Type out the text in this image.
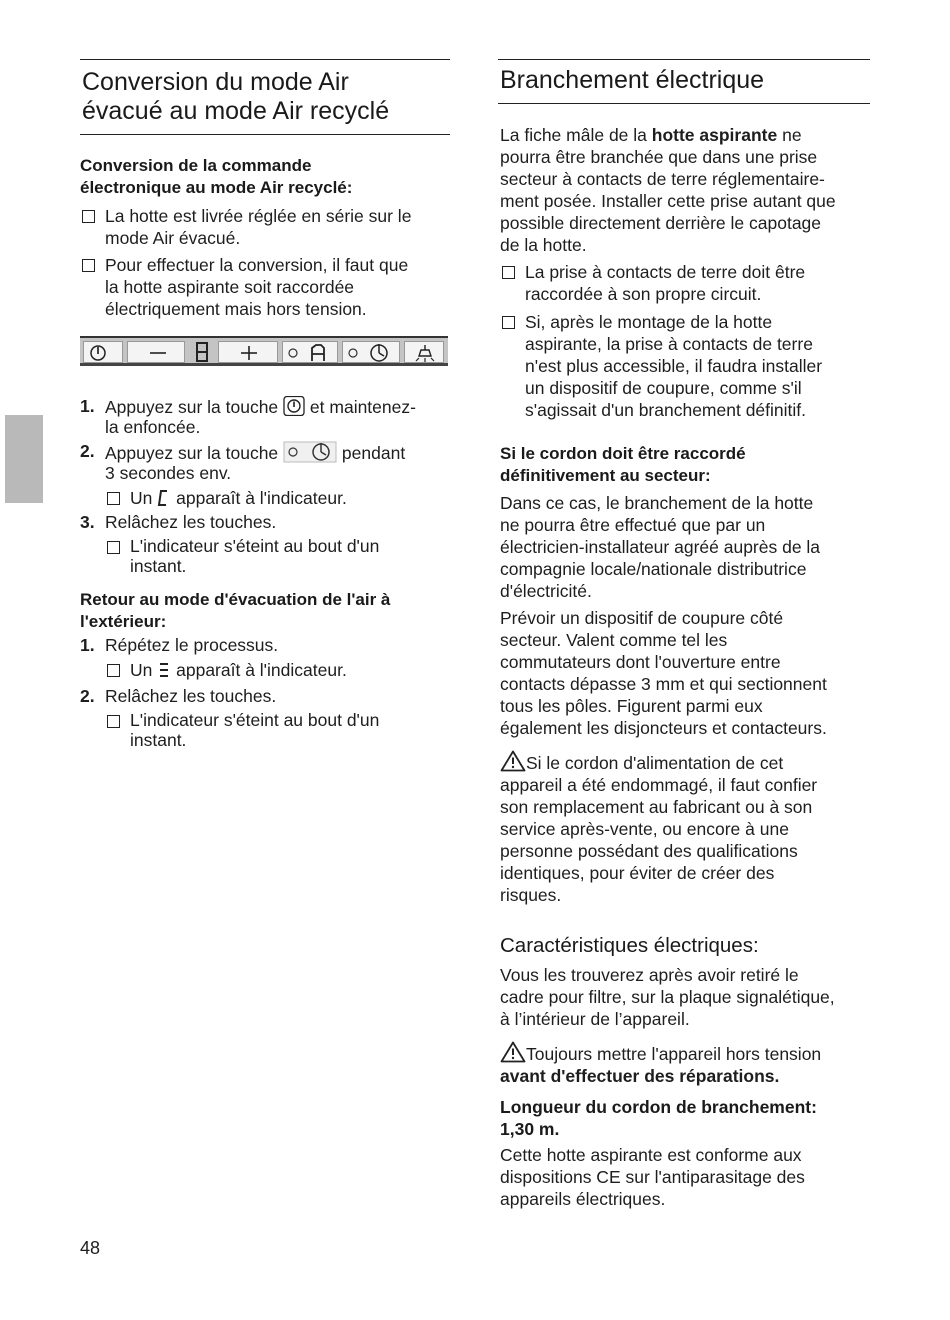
Conversion du mode Air
évacué au mode Air recyclé
Conversion de la commande
électronique au mode Air recyclé:
La hotte est livrée réglée en série sur le
mode Air évacué.
Pour effectuer la conversion, il faut que
la hotte aspirante soit raccordée
électriquement mais hors tension.
1. Appuyez sur la touche et maintenez-
la enfoncée.
2. Appuyez sur la touche	pendant
3 secondes env.
Un apparaît à l'indicateur.
3. Relâchez les touches.
L'indicateur s'éteint au bout d'un
instant.
Retour au mode d'évacuation de l'air à
l'extérieur:
1. Répétez le processus.
Un apparaît à l'indicateur.
2. Relâchez les touches.
L'indicateur s'éteint au bout d'un
instant.
Branchement électrique

La fiche mâle de la hotte aspirante ne

pourra être branchée que dans une prise

secteur à contacts de terre réglementaire-

ment posée. Installer cette prise autant que

possible directement derrière le capotage

de la hotte.

La prise à contacts de terre doit être
raccordée à son propre circuit.
Si, après le montage de la hotte
aspirante, la prise à contacts de terre
n'est plus accessible, il faudra installer
un dispositif de coupure, comme s'il
s'agissait d'un branchement définitif.
Si le cordon doit être raccordé
définitivement au secteur:

Dans ce cas, le branchement de la hotte

ne pourra être effectué que par un

électricien-installateur agréé auprès de la

compagnie locale/nationale distributrice

d'électricité.

Prévoir un dispositif de coupure côté

secteur. Valent comme tel les

commutateurs dont l'ouverture entre

contacts dépasse 3 mm et qui sectionnent

tous les pôles. Figurent parmi eux

également les disjoncteurs et contacteurs.

Si le cordon d'alimentation de cet

appareil a été endommagé, il faut confier

son remplacement au fabricant ou à son

service après-vente, ou encore à une

personne possédant des qualifications

identiques, pour éviter de créer des

risques.

Caractéristiques électriques:

Vous les trouverez après avoir retiré le

cadre pour filtre, sur la plaque signalétique,

à l’intérieur de l’appareil.

Toujours mettre l'appareil hors tension

avant d'effectuer des réparations.

Longueur du cordon de branchement:
1,30 m.

Cette hotte aspirante est conforme aux

dispositions CE sur l'antiparasitage des

appareils électriques.

48
